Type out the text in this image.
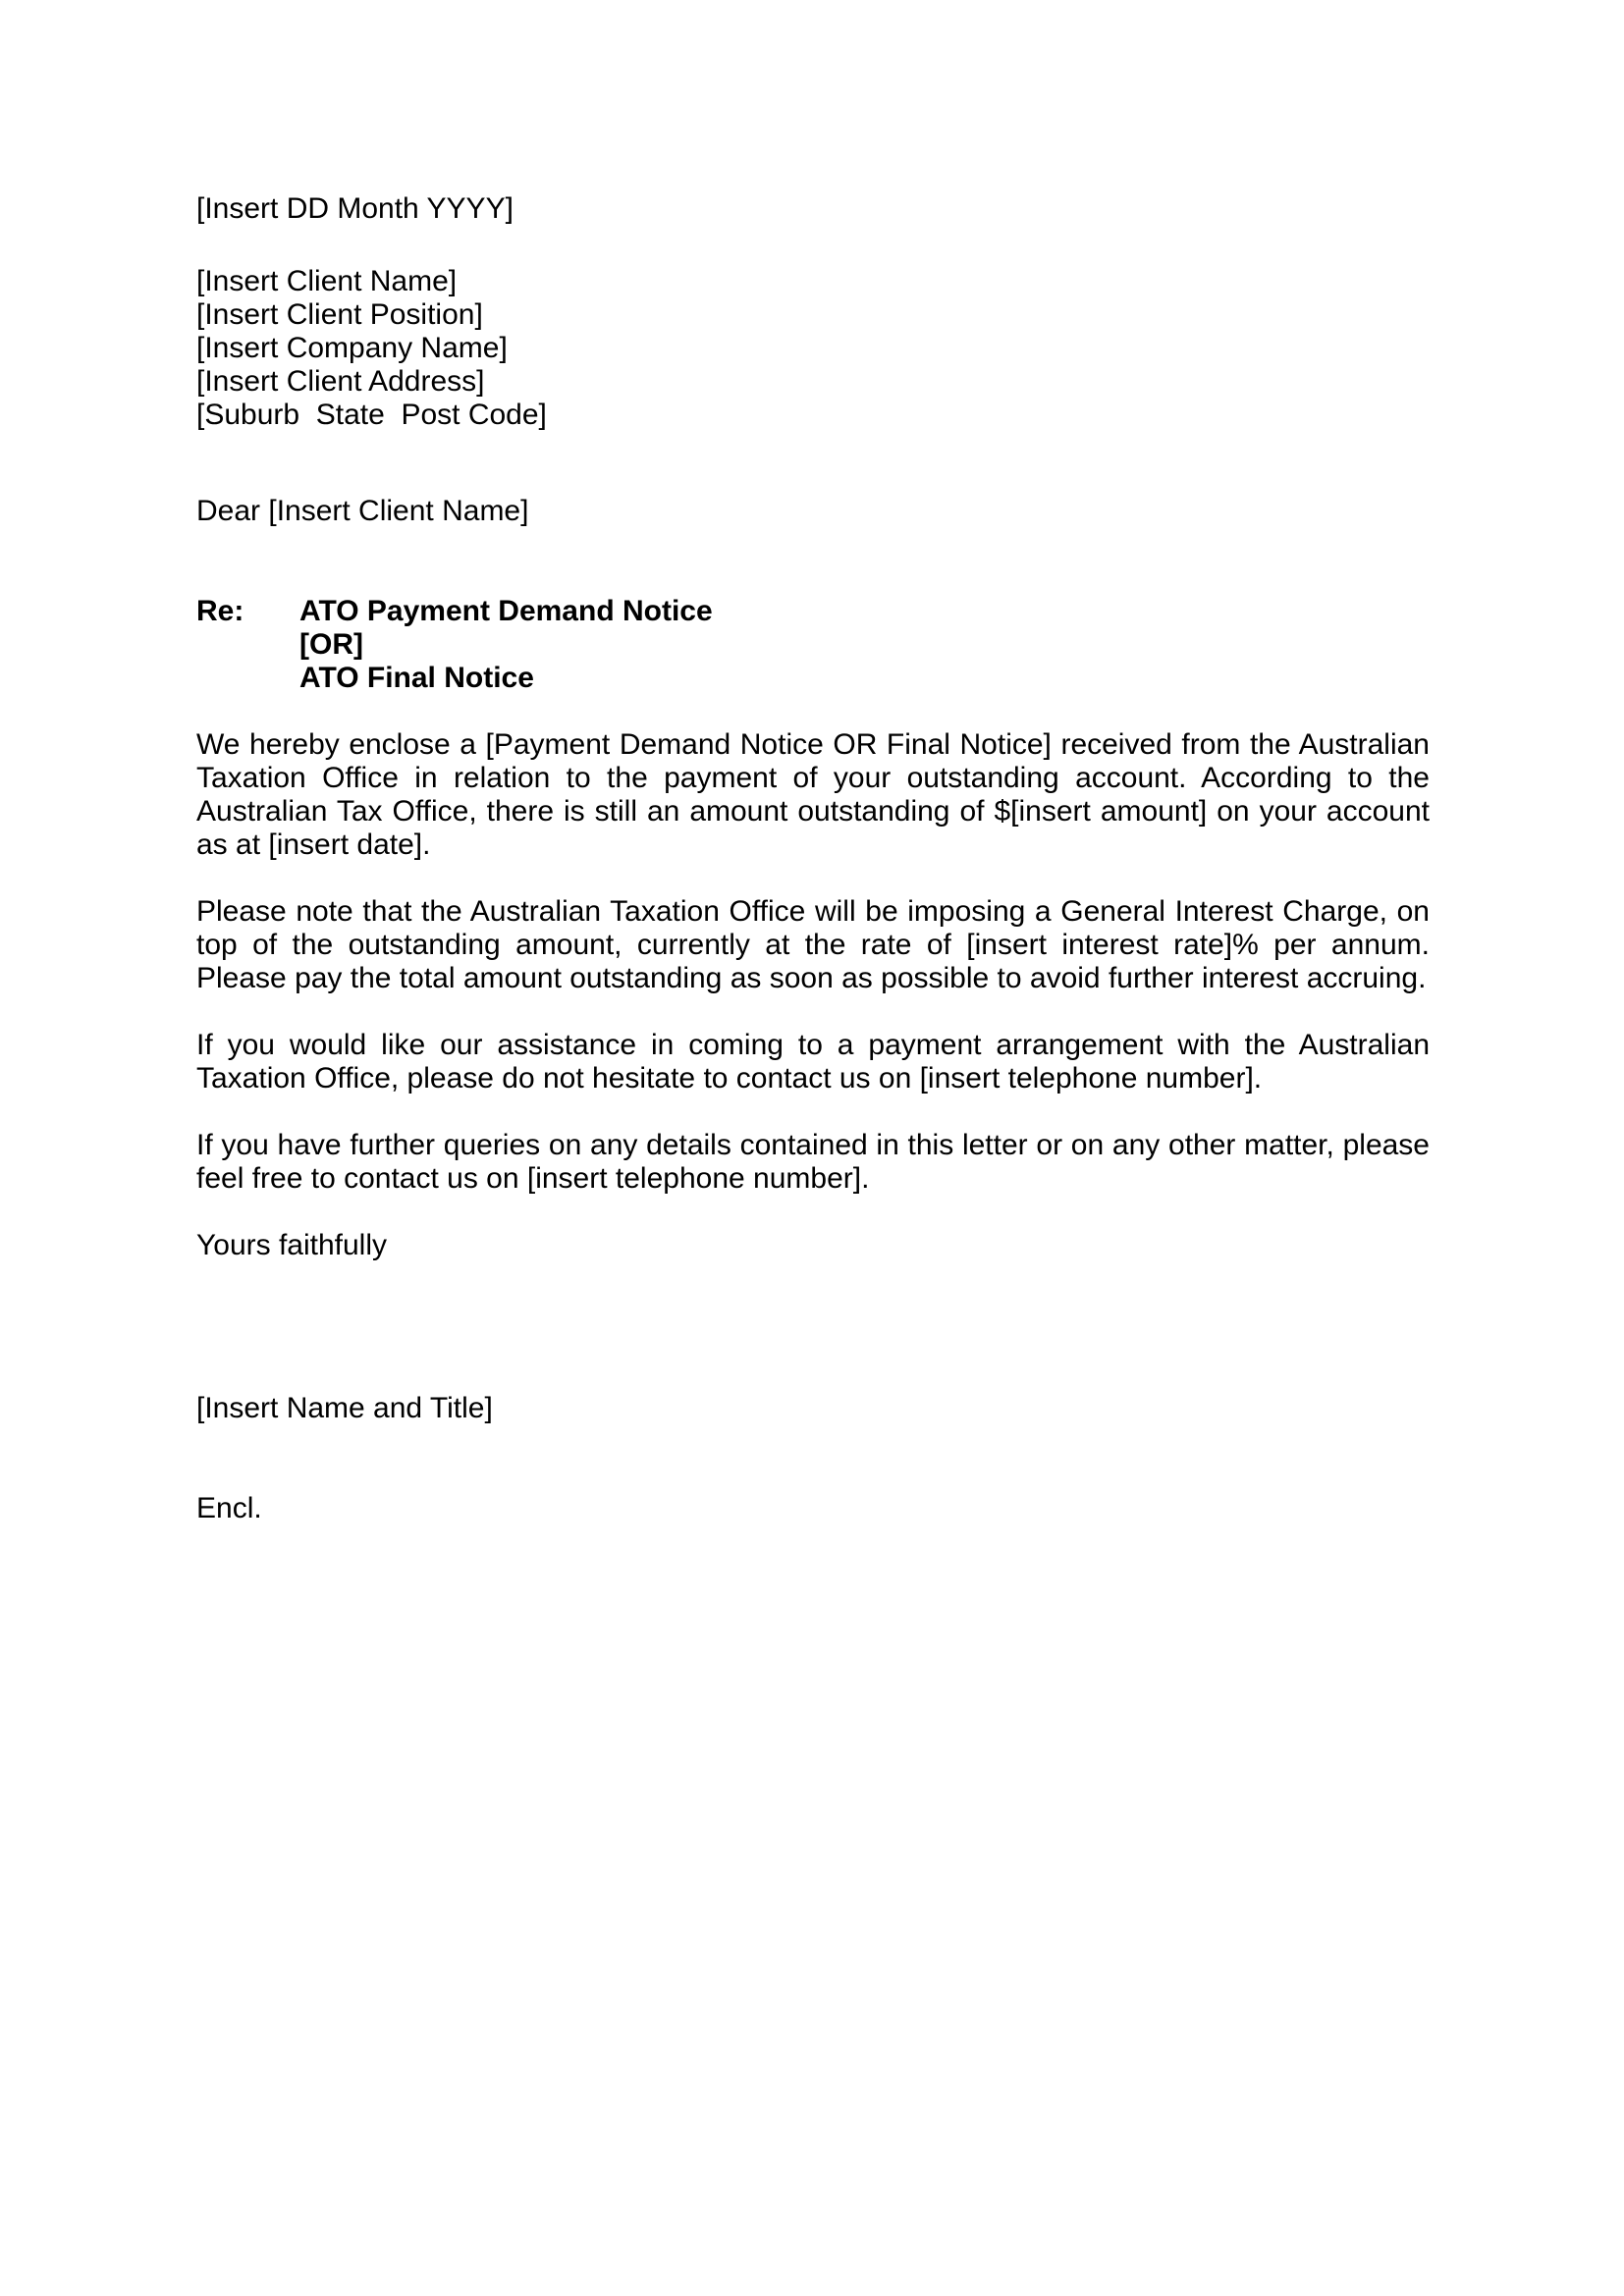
[Insert DD Month YYYY]
[Insert Client Name]
[Insert Client Position]
[Insert Company Name]
[Insert Client Address]
[Suburb  State  Post Code]
Dear [Insert Client Name]
Re:	ATO Payment Demand Notice
[OR]
ATO Final Notice

We hereby enclose a [Payment Demand Notice OR Final Notice] received from the Australian Taxation Office in relation to the payment of your outstanding account. According to the Australian Tax Office, there is still an amount outstanding of $[insert amount] on your account as at [insert date].

Please note that the Australian Taxation Office will be imposing a General Interest Charge, on top of the outstanding amount, currently at the rate of [insert interest rate]% per annum. Please pay the total amount outstanding as soon as possible to avoid further interest accruing.

If you would like our assistance in coming to a payment arrangement with the Australian Taxation Office, please do not hesitate to contact us on [insert telephone number].

If you have further queries on any details contained in this letter or on any other matter, please feel free to contact us on [insert telephone number].

Yours faithfully
[Insert Name and Title]
Encl.
